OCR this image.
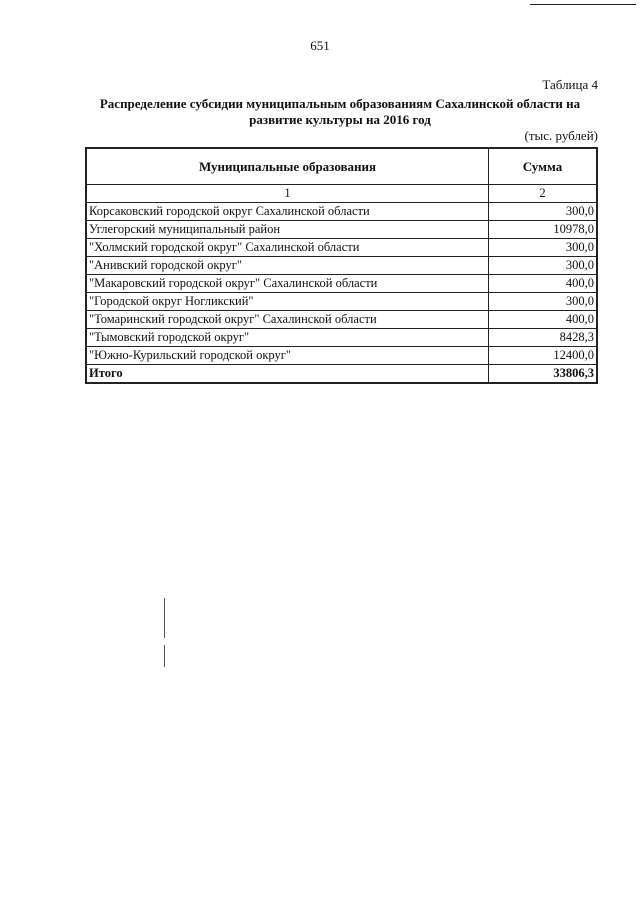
651
Таблица 4
Распределение субсидии муниципальным образованиям Сахалинской области на
развитие культуры на 2016 год
(тыс. рублей)
Муниципальные образования	Сумма
1	2
Корсаковский городской округ Сахалинской области	300,0
Углегорский муниципальный район	10978,0
"Холмский городской округ" Сахалинской области	300,0
"Анивский городской округ"	300,0
"Макаровский городской округ" Сахалинской области	400,0
"Городской округ Ногликский"	300,0
"Томаринский городской округ" Сахалинской области	400,0
"Тымовский городской округ"	8428,3
"Южно-Курильский городской округ"	12400,0
Итого	33806,3
